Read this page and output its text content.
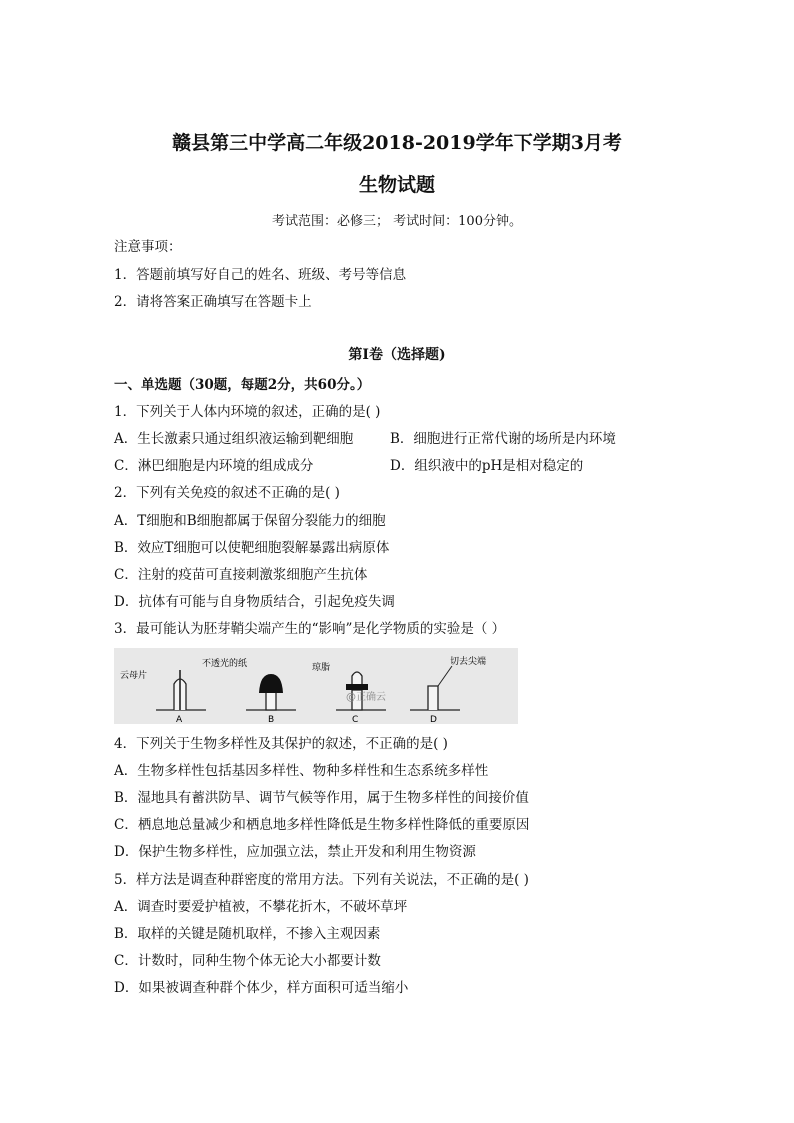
赣县第三中学高二年级2018-2019学年下学期3月考
生物试题
考试范围：必修三； 考试时间：100分钟。
注意事项：
1．答题前填写好自己的姓名、班级、考号等信息
2．请将答案正确填写在答题卡上
第I卷（选择题)
一、单选题（30题，每题2分，共60分。）
1．下列关于人体内环境的叙述，正确的是( )
A．生长激素只通过组织液运输到靶细胞	B．细胞进行正常代谢的场所是内环境
C．淋巴细胞是内环境的组成成分	D．组织液中的pH是相对稳定的
2．下列有关免疫的叙述不正确的是( )
A．T细胞和B细胞都属于保留分裂能力的细胞
B．效应T细胞可以使靶细胞裂解暴露出病原体
C．注射的疫苗可直接刺激浆细胞产生抗体
D．抗体有可能与自身物质结合，引起免疫失调
3．最可能认为胚芽鞘尖端产生的“影响”是化学物质的实验是（ ）
云母片
A
不透光的纸
B
琼脂
C
@正确云
切去尖端
D
4．下列关于生物多样性及其保护的叙述，不正确的是( )
A．生物多样性包括基因多样性、物种多样性和生态系统多样性
B．湿地具有蓄洪防旱、调节气候等作用，属于生物多样性的间接价值
C．栖息地总量减少和栖息地多样性降低是生物多样性降低的重要原因
D．保护生物多样性，应加强立法，禁止开发和利用生物资源
5．样方法是调查种群密度的常用方法。下列有关说法，不正确的是( )
A．调查时要爱护植被，不攀花折木，不破坏草坪
B．取样的关键是随机取样，不掺入主观因素
C．计数时，同种生物个体无论大小都要计数
D．如果被调查种群个体少，样方面积可适当缩小
